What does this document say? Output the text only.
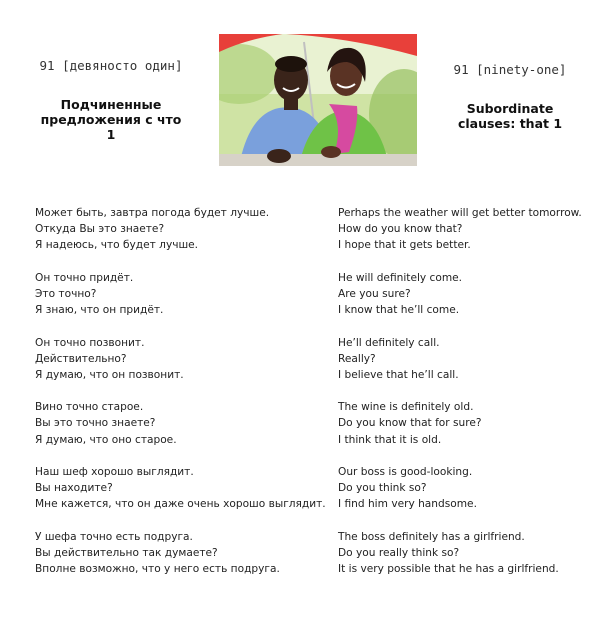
91 [девяносто один]
Подчиненные
предложения с что
1
91 [ninety-one]
Subordinate
clauses: that 1
Может быть, завтра погода будет лучше.
Откуда Вы это знаете?
Я надеюсь, что будет лучше.
Он точно придёт.
Это точно?
Я знаю, что он придёт.
Он точно позвонит.
Действительно?
Я думаю, что он позвонит.
Вино точно старое.
Вы это точно знаете?
Я думаю, что оно старое.
Наш шеф хорошо выглядит.
Вы находите?
Мне кажется, что он даже очень хорошо выглядит.
У шефа точно есть подруга.
Вы действительно так думаете?
Вполне возможно, что у него есть подруга.
Perhaps the weather will get better tomorrow.
How do you know that?
I hope that it gets better.
He will definitely come.
Are you sure?
I know that he’ll come.
He’ll definitely call.
Really?
I believe that he’ll call.
The wine is definitely old.
Do you know that for sure?
I think that it is old.
Our boss is good-looking.
Do you think so?
I find him very handsome.
The boss definitely has a girlfriend.
Do you really think so?
It is very possible that he has a girlfriend.
